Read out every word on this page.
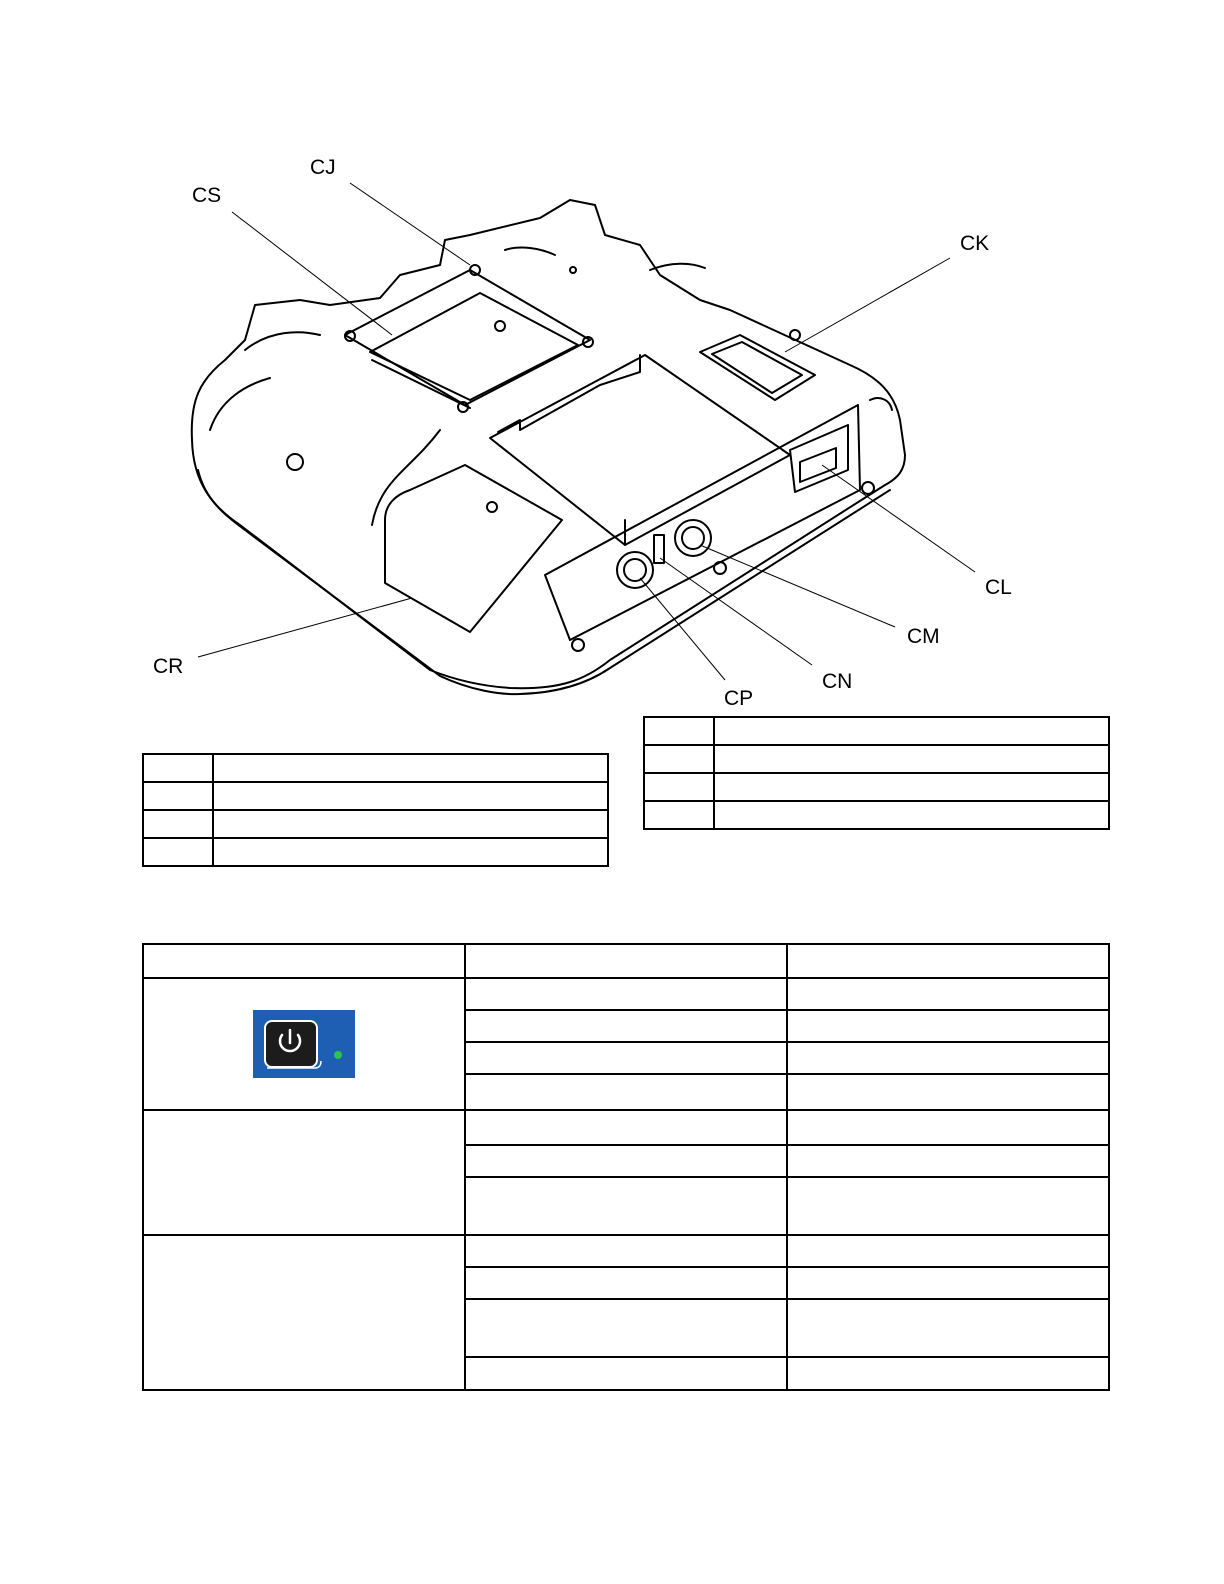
CJ
CS
CK
CL
CM
CN
CP
CR
